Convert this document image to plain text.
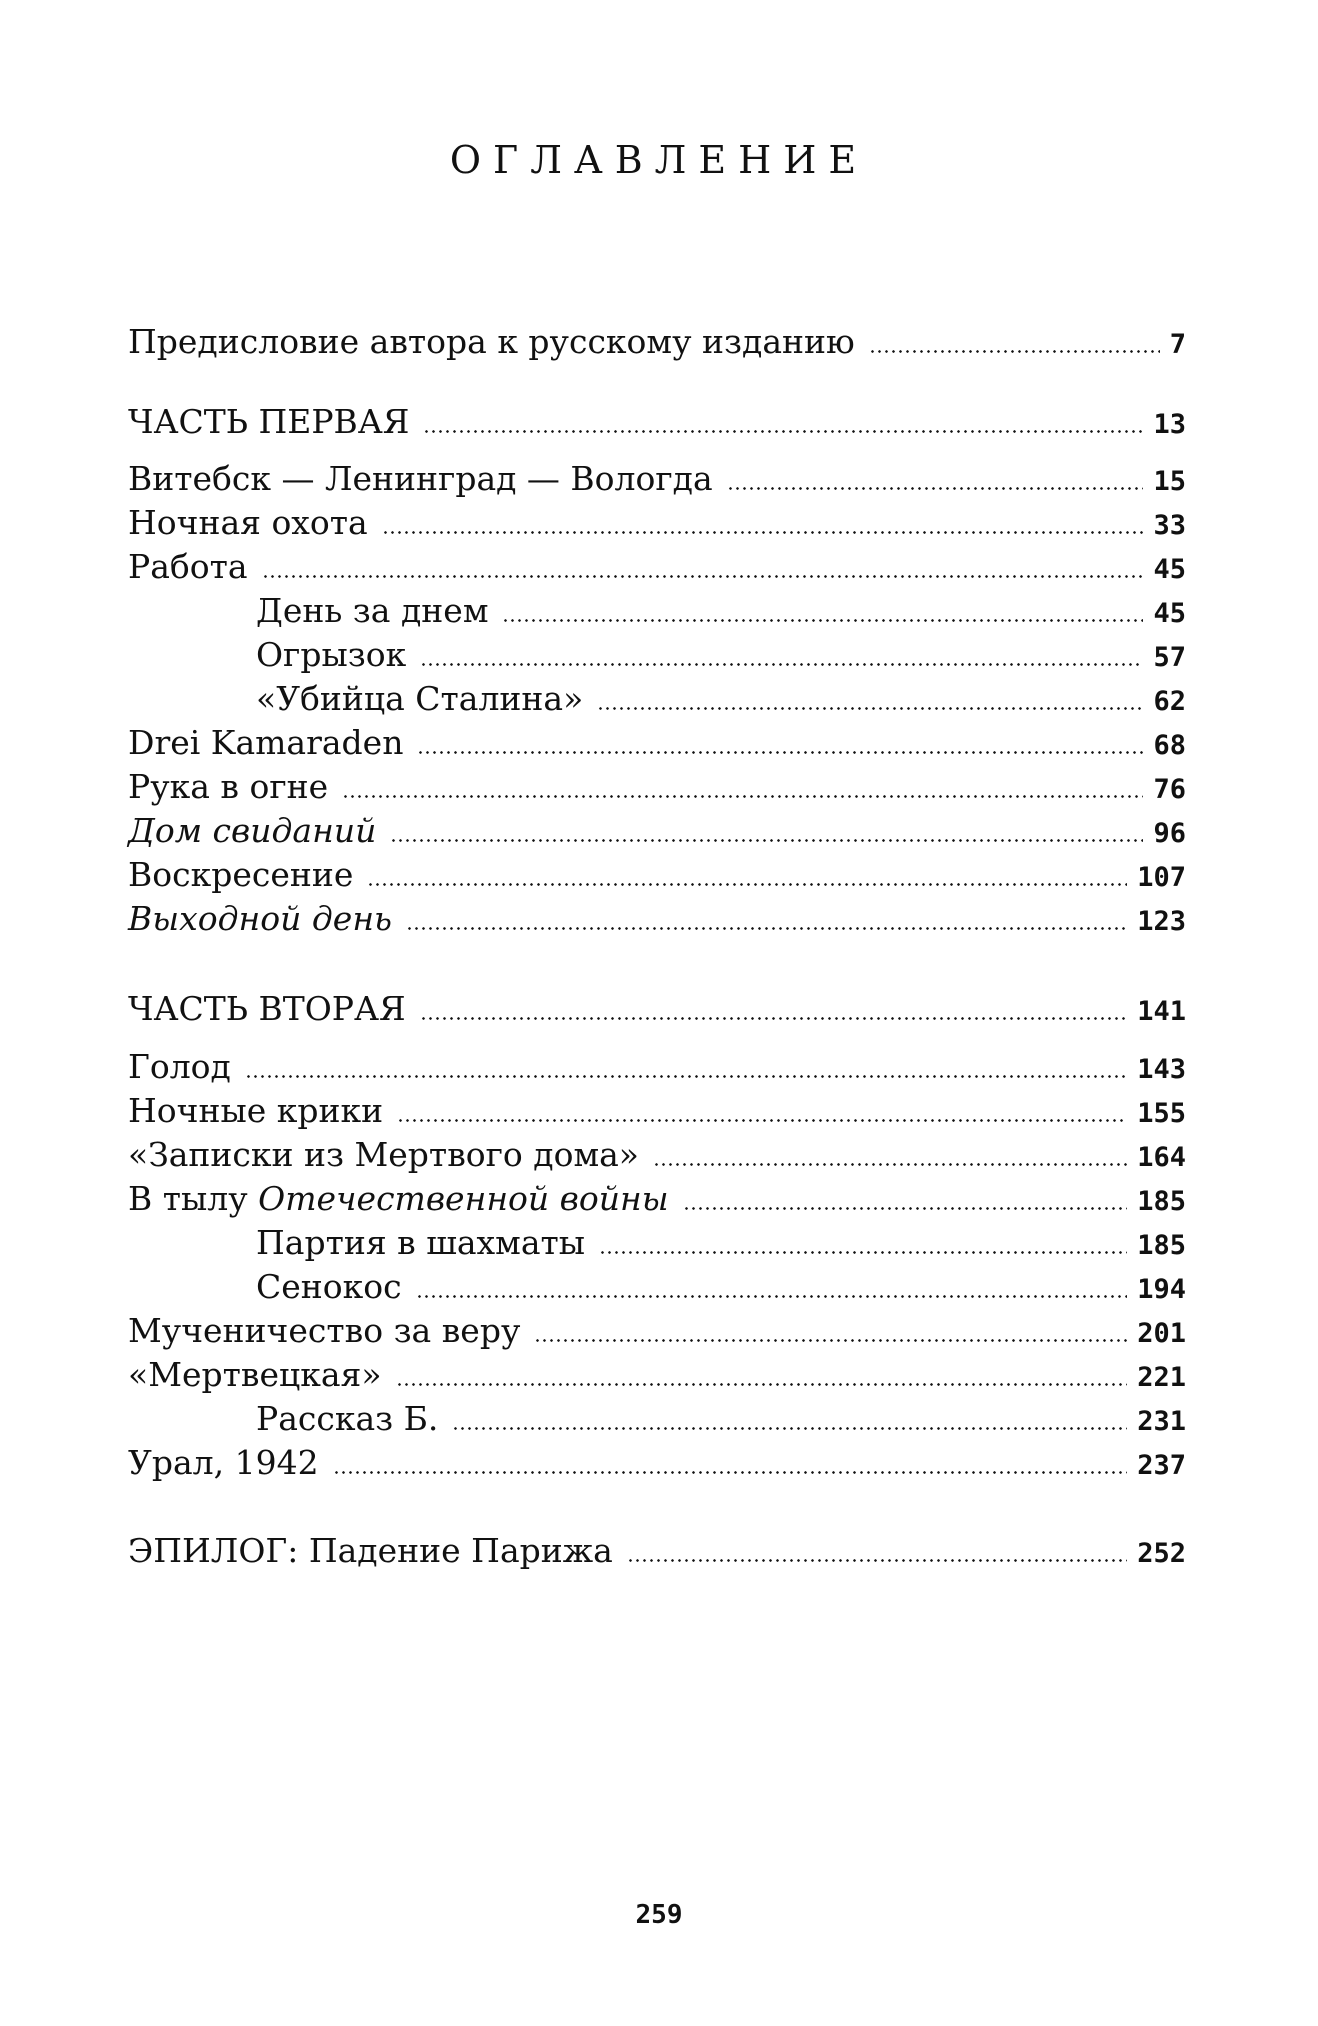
ОГЛАВЛЕНИЕ
Предисловие автора к русскому изданию	7
ЧАСТЬ ПЕРВАЯ	13
Витебск — Ленинград — Вологда	15
Ночная охота	33
Работа	45
День за днем	45
Огрызок	57
«Убийца Сталина»	62
Drei Kamaraden	68
Рука в огне	76
Дом свиданий	96
Воскресение	107
Выходной день	123
ЧАСТЬ ВТОРАЯ	141
Голод	143
Ночные крики	155
«Записки из Мертвого дома»	164
В тылу Отечественной войны	185
Партия в шахматы	185
Сенокос	194
Мученичество за веру	201
«Мертвецкая»	221
Рассказ Б.	231
Урал, 1942	237
ЭПИЛОГ: Падение Парижа	252
259
